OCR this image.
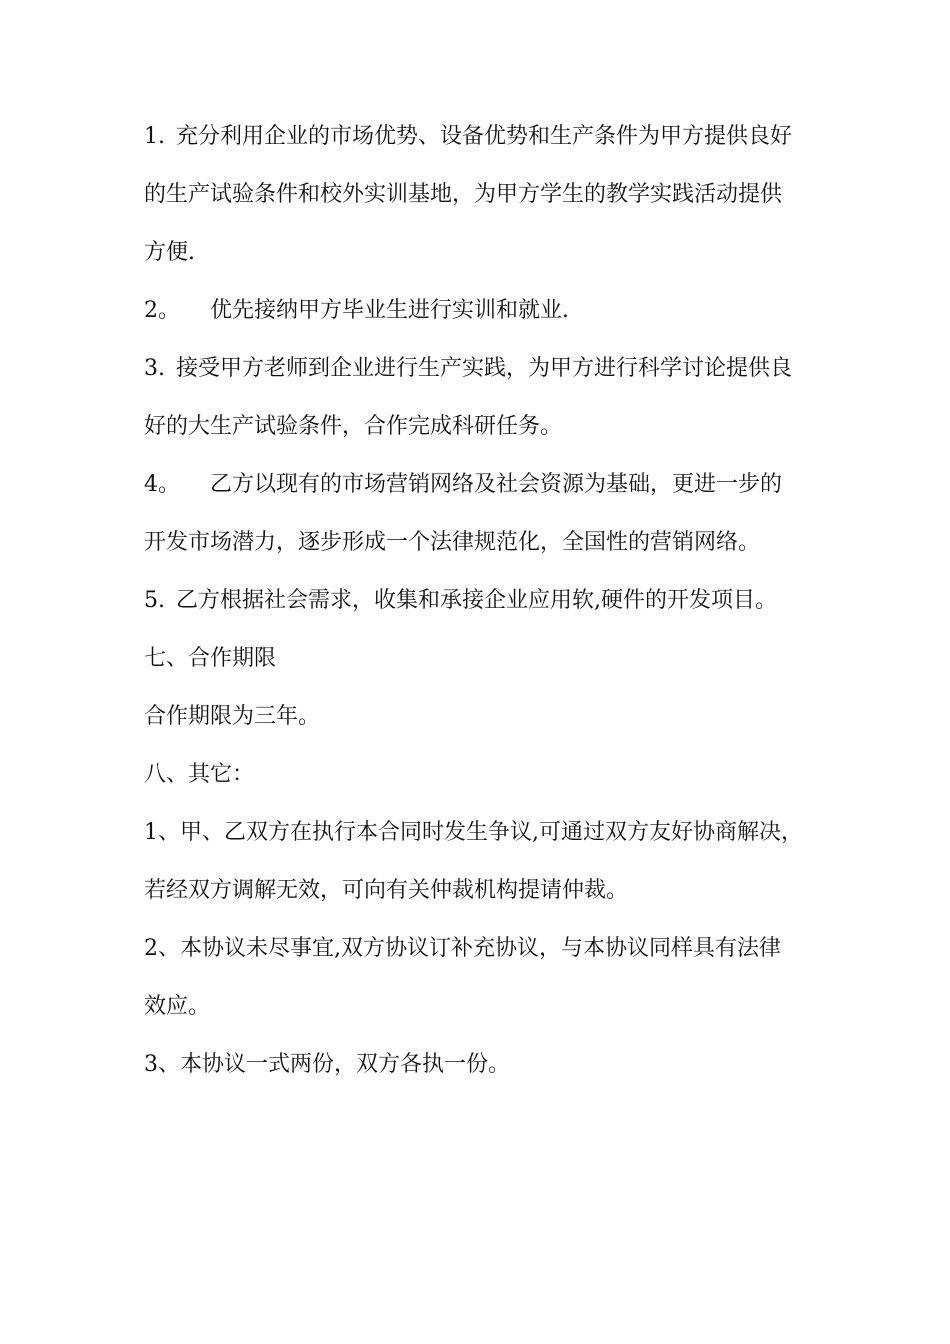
1. 充分利用企业的市场优势、设备优势和生产条件为甲方提供良好
的生产试验条件和校外实训基地，为甲方学生的教学实践活动提供
方便.
2。 优先接纳甲方毕业生进行实训和就业.
3. 接受甲方老师到企业进行生产实践，为甲方进行科学讨论提供良
好的大生产试验条件，合作完成科研任务。
4。 乙方以现有的市场营销网络及社会资源为基础，更进一步的
开发市场潜力，逐步形成一个法律规范化，全国性的营销网络。
5. 乙方根据社会需求，收集和承接企业应用软,硬件的开发项目。
七、合作期限
合作期限为三年。
八、其它：
1、甲、乙双方在执行本合同时发生争议,可通过双方友好协商解决，
若经双方调解无效，可向有关仲裁机构提请仲裁。
2、本协议未尽事宜,双方协议订补充协议，与本协议同样具有法律
效应。
3、本协议一式两份，双方各执一份。
